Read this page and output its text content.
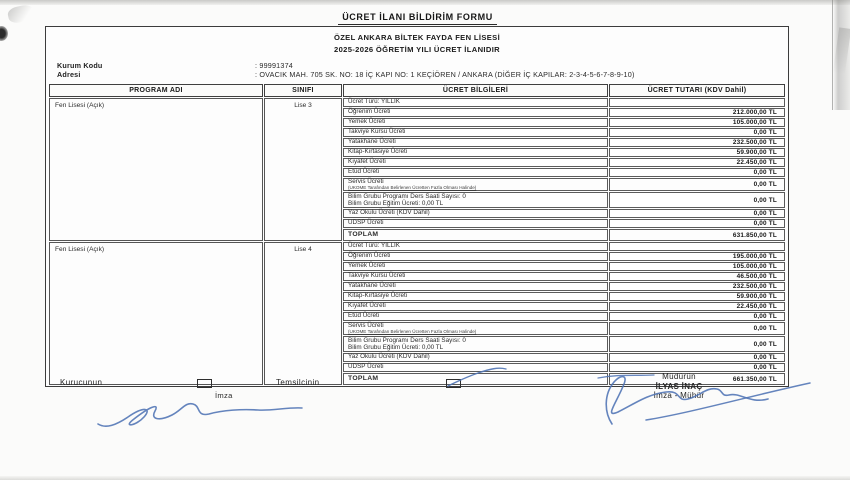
ÜCRET İLANI BİLDİRİM FORMU
ÖZEL ANKARA BİLTEK FAYDA FEN LİSESİ
2025-2026 ÖĞRETİM YILI ÜCRET İLANIDIR
Kurum Kodu	: 99991374
Adresi	: OVACIK MAH. 705 SK. NO: 18 İÇ KAPI NO: 1 KEÇİÖREN / ANKARA (DİĞER İÇ KAPILAR: 2-3-4-5-6-7-8-9-10)
PROGRAM ADI	SINIFI	ÜCRET BİLGİLERİ	ÜCRET TUTARI (KDV Dahil)
Fen Lisesi (Açık)	Lise 3
Ücret Türü: YILLIK
Öğrenim Ücreti	212.000,00 TL
Yemek Ücreti	105.000,00 TL
Takviye Kursu Ücreti	0,00 TL
Yatakhane Ücreti	232.500,00 TL
Kitap-Kırtasiye Ücreti	59.900,00 TL
Kıyafet Ücreti	22.450,00 TL
Etüd Ücreti	0,00 TL
Servis Ücreti
(UKOME Tarafından Belirlenen Ücretten Fazla Olması Halinde)	0,00 TL
Bilim Grubu Programı Ders Saati Sayısı: 0
Bilim Grubu Eğitim Ücreti: 0,00 TL	0,00 TL
Yaz Okulu Ücreti (KDV Dahil)	0,00 TL
UDSP Ücreti	0,00 TL
TOPLAM	631.850,00 TL
Fen Lisesi (Açık)	Lise 4
Ücret Türü: YILLIK
Öğrenim Ücreti	195.000,00 TL
Yemek Ücreti	105.000,00 TL
Takviye Kursu Ücreti	46.500,00 TL
Yatakhane Ücreti	232.500,00 TL
Kitap-Kırtasiye Ücreti	59.900,00 TL
Kıyafet Ücreti	22.450,00 TL
Etüd Ücreti	0,00 TL
Servis Ücreti
(UKOME Tarafından Belirlenen Ücretten Fazla Olması Halinde)	0,00 TL
Bilim Grubu Programı Ders Saati Sayısı: 0
Bilim Grubu Eğitim Ücreti: 0,00 TL	0,00 TL
Yaz Okulu Ücreti (KDV Dahil)	0,00 TL
UDSP Ücreti	0,00 TL
TOPLAM	661.350,00 TL
Kurucunun	Temsilcinin
İmza
Müdürün
İLYAS İNAÇ
İmza - Mühür
